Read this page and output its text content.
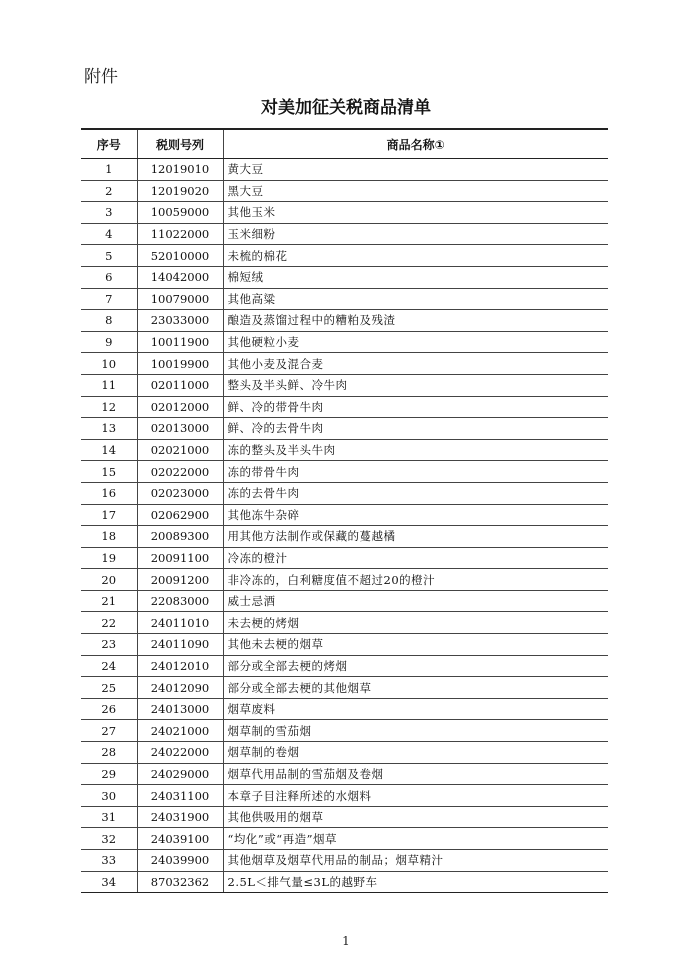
附件
对美加征关税商品清单
序号	税则号列	商品名称①
1	12019010	黄大豆
2	12019020	黑大豆
3	10059000	其他玉米
4	11022000	玉米细粉
5	52010000	未梳的棉花
6	14042000	棉短绒
7	10079000	其他高粱
8	23033000	酿造及蒸馏过程中的糟粕及残渣
9	10011900	其他硬粒小麦
10	10019900	其他小麦及混合麦
11	02011000	整头及半头鲜、冷牛肉
12	02012000	鲜、冷的带骨牛肉
13	02013000	鲜、冷的去骨牛肉
14	02021000	冻的整头及半头牛肉
15	02022000	冻的带骨牛肉
16	02023000	冻的去骨牛肉
17	02062900	其他冻牛杂碎
18	20089300	用其他方法制作或保藏的蔓越橘
19	20091100	冷冻的橙汁
20	20091200	非冷冻的，白利糖度值不超过20的橙汁
21	22083000	威士忌酒
22	24011010	未去梗的烤烟
23	24011090	其他未去梗的烟草
24	24012010	部分或全部去梗的烤烟
25	24012090	部分或全部去梗的其他烟草
26	24013000	烟草废料
27	24021000	烟草制的雪茄烟
28	24022000	烟草制的卷烟
29	24029000	烟草代用品制的雪茄烟及卷烟
30	24031100	本章子目注释所述的水烟料
31	24031900	其他供吸用的烟草
32	24039100	“均化”或“再造”烟草
33	24039900	其他烟草及烟草代用品的制品；烟草精汁
34	87032362	2.5L＜排气量≤3L的越野车
1
